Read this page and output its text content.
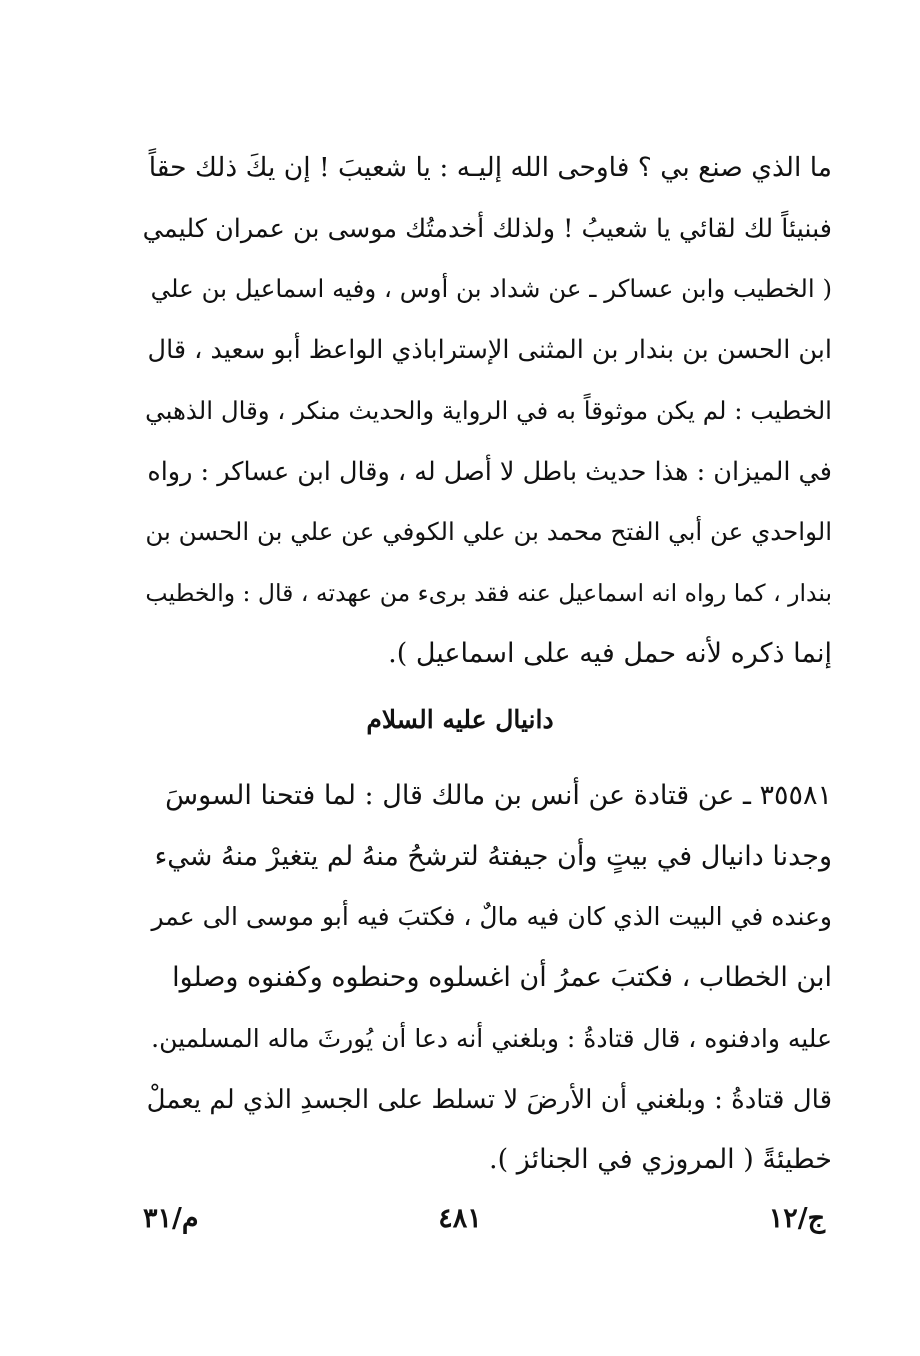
ما الذي صنع بي ؟ فاوحى الله إليـه : يا شعيبَ ! إن يكَ ذلك حقاً
فبنيئاً لك لقائي يا شعيبُ ! ولذلك أخدمتُك موسى بن عمران كليمي
( الخطيب وابن عساكر ـ عن شداد بن أوس ، وفيه اسماعيل بن علي
ابن الحسن بن بندار بن المثنى الإستراباذي الواعظ أبو سعيد ، قال
الخطيب : لم يكن موثوقاً به في الرواية والحديث منكر ، وقال الذهبي
في الميزان : هذا حديث باطل لا أصل له ، وقال ابن عساكر : رواه
الواحدي عن أبي الفتح محمد بن علي الكوفي عن علي بن الحسن بن
بندار ، كما رواه انه اسماعيل عنه فقد برىء من عهدته ، قال : والخطيب
إنما ذكره لأنه حمل فيه على اسماعيل ).
دانيال عليه السلام
٣٥٥٨١ ـ عن قتادة عن أنس بن مالك قال : لما فتحنا السوسَ
وجدنا دانيال في بيتٍ وأن جيفتهُ لترشحُ منهُ لم يتغيرْ منهُ شيء
وعنده في البيت الذي كان فيه مالٌ ، فكتبَ فيه أبو موسى الى عمر
ابن الخطاب ، فكتبَ عمرُ أن اغسلوه وحنطوه وكفنوه وصلوا
عليه وادفنوه ، قال قتادةُ : وبلغني أنه دعا أن يُورثَ ماله المسلمين.
قال قتادةُ : وبلغني أن الأرضَ لا تسلط على الجسدِ الذي لم يعملْ
خطيئةً ( المروزي في الجنائز ).
ج/١٢
٤٨١
م/٣١
